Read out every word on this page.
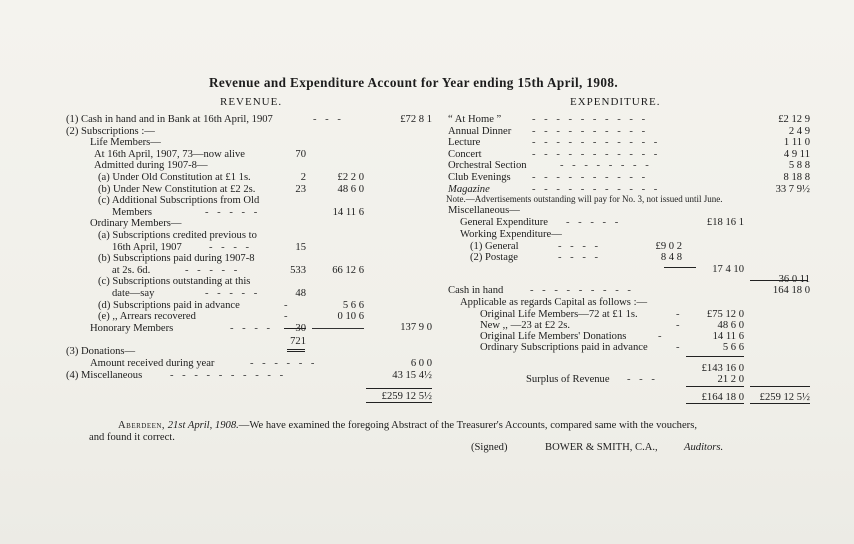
Revenue and Expenditure Account for Year ending 15th April, 1908.
REVENUE.	EXPENDITURE.
(1) Cash in hand and in Bank at 16th April, 1907	- - -	£72 8 1
(2) Subscriptions :—
Life Members—
At 16th April, 1907, 73—now alive	70
Admitted during 1907-8—
(a) Under Old Constitution at £1 1s.	2	£2 2 0
(b) Under New Constitution at £2 2s.	23	48 6 0
(c) Additional Subscriptions from Old
Members	- - - - -	14 11 6
Ordinary Members—
(a) Subscriptions credited previous to
16th April, 1907	- - - -	15
(b) Subscriptions paid during 1907-8
at 2s. 6d.	- - - - -	533 66 12 6
(c) Subscriptions outstanding at this
date—say	- - - - -	48
(d) Subscriptions paid in advance	-	5 6 6
(e) ,, Arrears recovered	-	0 10 6
Honorary Members	- - - - 30	137 9 0
721
(3) Donations—
Amount received during year	- - - - - -	6 0 0
(4) Miscellaneous	- - - - - - - - - -	43 15 4½
£259 12 5½
“ At Home ”	- - - - - - - - - -	£2 12 9
Annual Dinner - - - - - - - - - -	2 4 9
Lecture	- - - - - - - - - - -	1 11 0
Concert	- - - - - - - - - - -	4 9 11
Orchestral Section	- - - - - - - -	5 8 8
Club Evenings - - - - - - - - - -	8 18 8
Magazine	- - - - - - - - - - -	33 7 9½
Note.—Advertisements outstanding will pay for No. 3, not issued until June.
Miscellaneous—
General Expenditure - - - - -	£18 16 1
Working Expenditure—
(1) General	- - - -	£9 0 2
(2) Postage	- - - -	8 4 8
17 4 10
36 0 11
Cash in hand	- - - - - - - - -	164 18 0
Applicable as regards Capital as follows :—
Original Life Members—72 at £1 1s.	- £75 12 0
New ,, —23 at £2 2s.	-	48 6 0
Original Life Members' Donations	-	14 11 6
Ordinary Subscriptions paid in advance	-	5 6 6
£143 16 0
Surplus of Revenue - - -	21 2 0
£164 18 0 £259 12 5½
Aberdeen, 21st April, 1908.—We have examined the foregoing Abstract of the Treasurer's Accounts, compared same with the vouchers,
and found it correct.
(Signed)	BOWER & SMITH, C.A., Auditors.
